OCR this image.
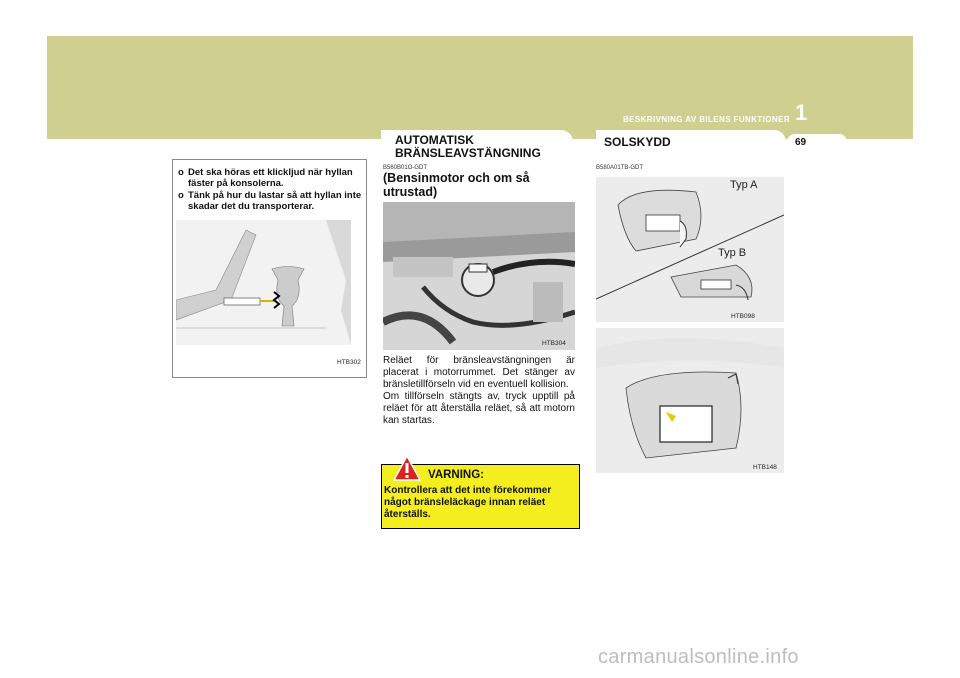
BESKRIVNING AV BILENS FUNKTIONER 1
69
AUTOMATISK BRÄNSLEAVSTÄNGNING
SOLSKYDD
o Det ska höras ett klickljud när hyllan fäster på konsolerna.
o Tänk på hur du lastar så att hyllan inte skadar det du transporterar.
HTB302
B560B01O-GDT
(Bensinmotor och om så utrustad)
HTB304

Reläet för bränsleavstängningen är placerat i motorrummet. Det stänger av bränsletillförseln vid en eventuell kollision.

Om tillförseln stängts av, tryck upptill på reläet för att återställa reläet, så att motorn kan startas.

VARNING:
Kontrollera att det inte förekommer något bränsleläckage innan reläet återställs.
B580A01TB-GDT
Typ A
Typ B
HTB098
HTB148
carmanualsonline.info
